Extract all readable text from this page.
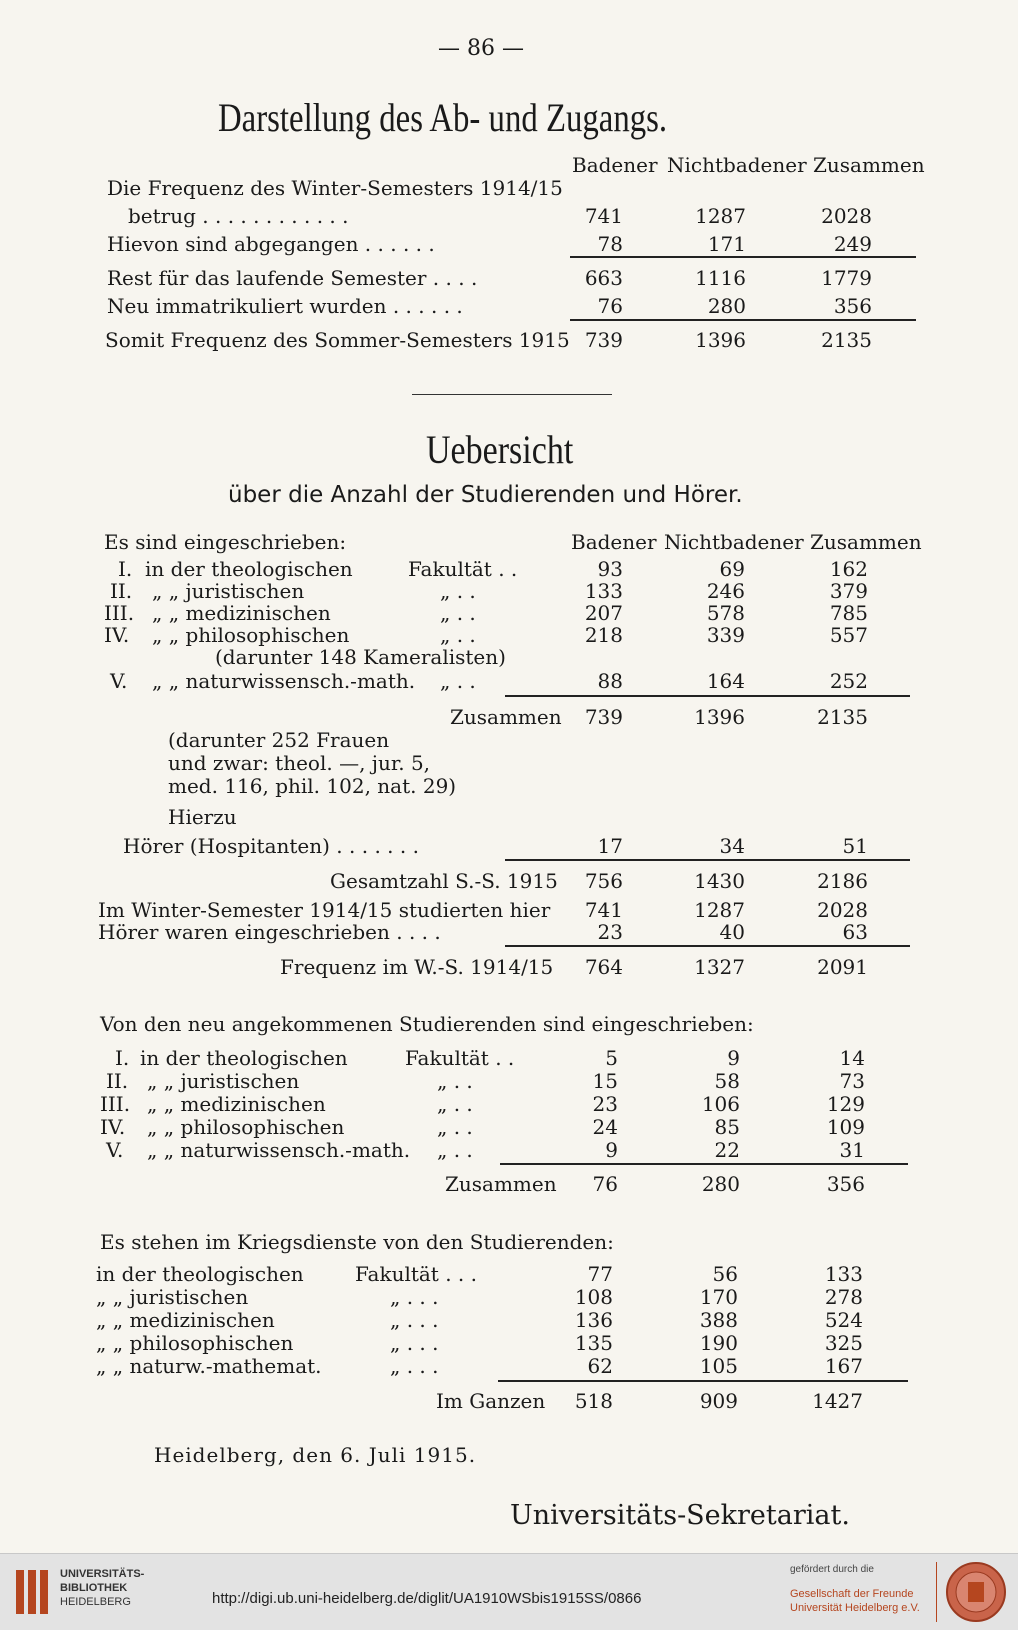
— 86 —
Darstellung des Ab- und Zugangs.
Badener Nichtbadener Zusammen
Die Frequenz des Winter-Semesters 1914/15
betrug . . . . . . . . . . . .	741	1287	2028
Hievon sind abgegangen . . . . . .	78	171	249
Rest für das laufende Semester . . . .	663	1116	1779
Neu immatrikuliert wurden . . . . . .	76	280	356
Somit Frequenz des Sommer-Semesters 1915 739	1396	2135
Uebersicht
über die Anzahl der Studierenden und Hörer.
Es sind eingeschrieben:	Badener Nichtbadener Zusammen
I. in der theologischen	Fakultät . .	93	69	162
II. „ „ juristischen	„ . .	133	246	379
III. „ „ medizinischen	„ . .	207	578	785
IV. „ „ philosophischen	„ . .	218	339	557
(darunter 148 Kameralisten)
V. „ „ naturwissensch.-math. „ . .	88	164	252
Zusammen 739	1396	2135
(darunter 252 Frauen
und zwar: theol. —, jur. 5,
med. 116, phil. 102, nat. 29)
Hierzu
Hörer (Hospitanten) . . . . . . .	17	34	51
Gesamtzahl S.-S. 1915 756	1430	2186
Im Winter-Semester 1914/15 studierten hier 741	1287	2028
Hörer waren eingeschrieben . . . .	23	40	63
Frequenz im W.-S. 1914/15 764	1327	2091
Von den neu angekommenen Studierenden sind eingeschrieben:
I. in der theologischen	Fakultät . .	5	9	14
II. „ „ juristischen	„ . .	15	58	73
III. „ „ medizinischen	„ . .	23	106	129
IV. „ „ philosophischen	„ . .	24	85	109
V. „ „ naturwissensch.-math. „ . .	9	22	31
Zusammen 76	280	356
Es stehen im Kriegsdienste von den Studierenden:
in der theologischen	Fakultät . . .	77	56	133
„ „ juristischen	„ . . .	108	170	278
„ „ medizinischen	„ . . .	136	388	524
„ „ philosophischen	„ . . .	135	190	325
„ „ naturw.-mathemat.	„ . . .	62	105	167
Im Ganzen 518	909	1427
Heidelberg, den 6. Juli 1915.
Universitäts-Sekretariat.
UNIVERSITÄTS-
BIBLIOTHEK
HEIDELBERG	http://digi.ub.uni-heidelberg.de/diglit/UA1910WSbis1915SS/0866
gefördert durch die
Gesellschaft der Freunde
Universität Heidelberg e.V.
